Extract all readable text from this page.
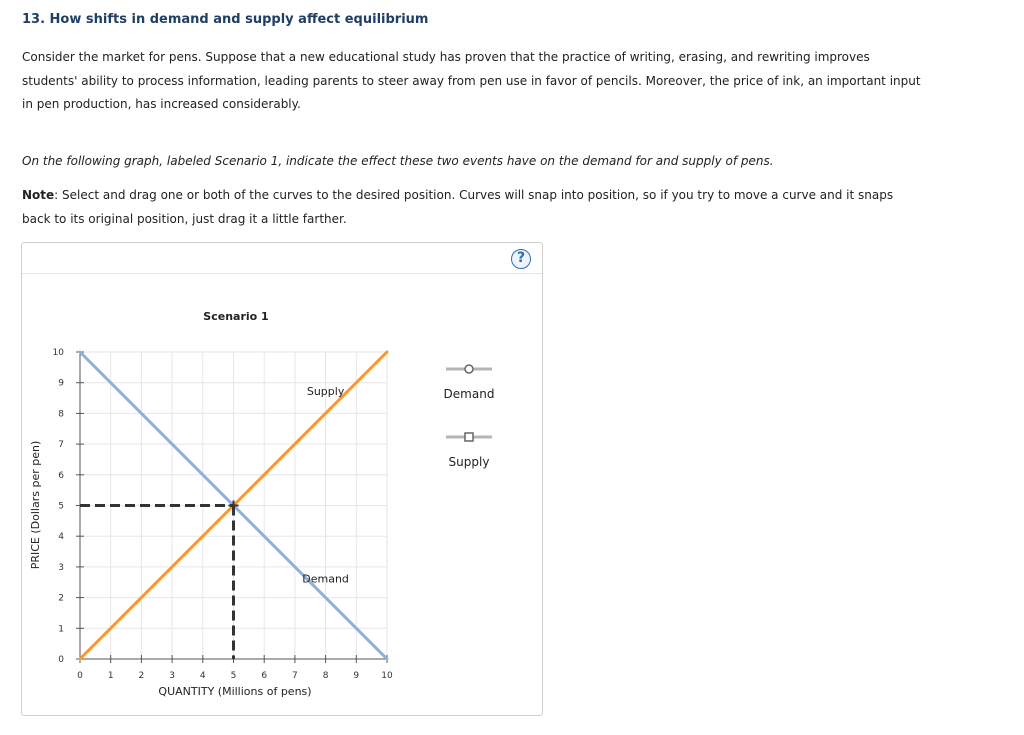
13. How shifts in demand and supply affect equilibrium

Consider the market for pens. Suppose that a new educational study has proven that the practice of writing, erasing, and rewriting improves students' ability to process information, leading parents to steer away from pen use in favor of pencils. Moreover, the price of ink, an important input in pen production, has increased considerably.

On the following graph, labeled Scenario 1, indicate the effect these two events have on the demand for and supply of pens.

Note: Select and drag one or both of the curves to the desired position. Curves will snap into position, so if you try to move a curve and it snaps back to its original position, just drag it a little farther.

?
0	1	2	3	4	5	6	7	8	9 10
0
1
2
3
4
5
6
7
8
9
10
Demand
Supply
Scenario 1
QUANTITY (Millions of pens)
PRICE (Dollars per pen)
Demand
Supply
